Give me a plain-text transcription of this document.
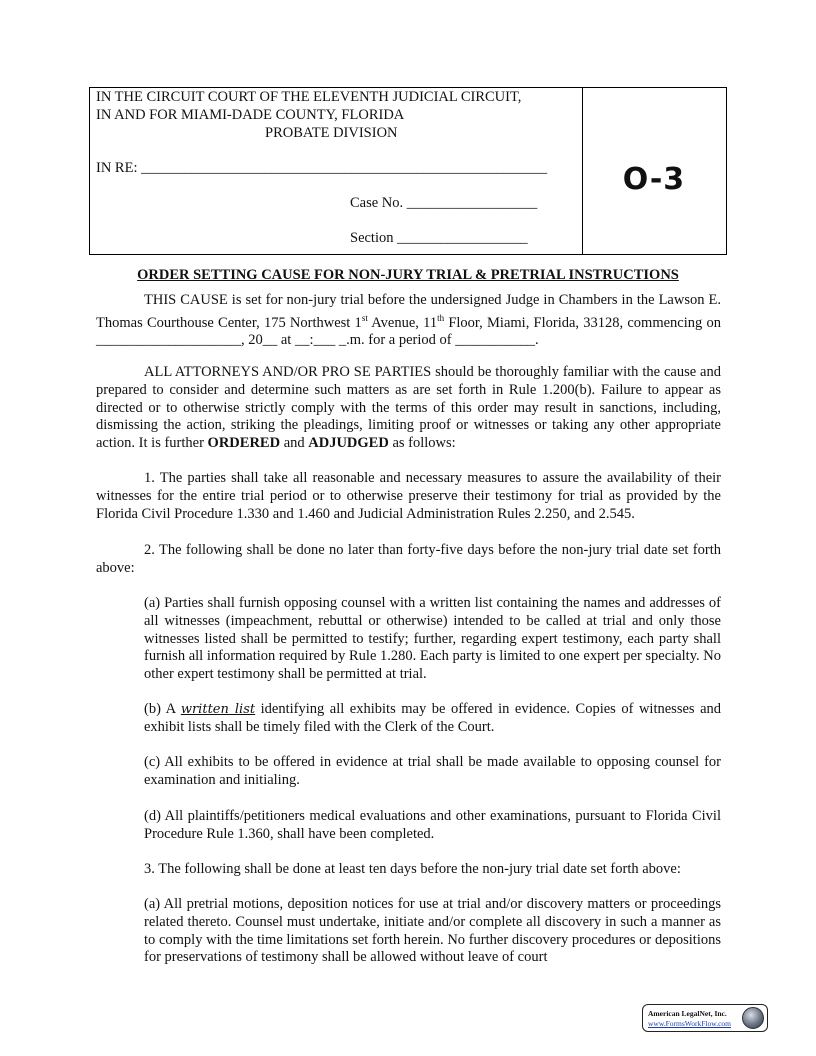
IN THE CIRCUIT COURT OF THE ELEVENTH JUDICIAL CIRCUIT,
IN AND FOR MIAMI-DADE COUNTY, FLORIDA
PROBATE DIVISION
IN RE: ________________________________________________________
Case No. __________________
Section __________________
O-3
ORDER SETTING CAUSE FOR NON-JURY TRIAL & PRETRIAL INSTRUCTIONS
THIS CAUSE is set for non-jury trial before the undersigned Judge in Chambers in the Lawson E. Thomas Courthouse Center, 175 Northwest 1st Avenue, 11th Floor, Miami, Florida, 33128, commencing on ____________________, 20__ at __:___ _.m. for a period of ___________.
ALL ATTORNEYS AND/OR PRO SE PARTIES should be thoroughly familiar with the cause and prepared to consider and determine such matters as are set forth in Rule 1.200(b). Failure to appear as directed or to otherwise strictly comply with the terms of this order may result in sanctions, including, dismissing the action, striking the pleadings, limiting proof or witnesses or taking any other appropriate action. It is further ORDERED and ADJUDGED as follows:
1. The parties shall take all reasonable and necessary measures to assure the availability of their witnesses for the entire trial period or to otherwise preserve their testimony for trial as provided by the Florida Civil Procedure 1.330 and 1.460 and Judicial Administration Rules 2.250, and 2.545.
2. The following shall be done no later than forty-five days before the non-jury trial date set forth above:
(a) Parties shall furnish opposing counsel with a written list containing the names and addresses of all witnesses (impeachment, rebuttal or otherwise) intended to be called at trial and only those witnesses listed shall be permitted to testify; further, regarding expert testimony, each party shall furnish all information required by Rule 1.280. Each party is limited to one expert per specialty. No other expert testimony shall be permitted at trial.
(b) A written list identifying all exhibits may be offered in evidence. Copies of witnesses and exhibit lists shall be timely filed with the Clerk of the Court.
(c) All exhibits to be offered in evidence at trial shall be made available to opposing counsel for examination and initialing.
(d) All plaintiffs/petitioners medical evaluations and other examinations, pursuant to Florida Civil Procedure Rule 1.360, shall have been completed.
3. The following shall be done at least ten days before the non-jury trial date set forth above:
(a) All pretrial motions, deposition notices for use at trial and/or discovery matters or proceedings related thereto. Counsel must undertake, initiate and/or complete all discovery in such a manner as to comply with the time limitations set forth herein. No further discovery procedures or depositions for preservations of testimony shall be allowed without leave of court
American LegalNet, Inc.
www.FormsWorkFlow.com
